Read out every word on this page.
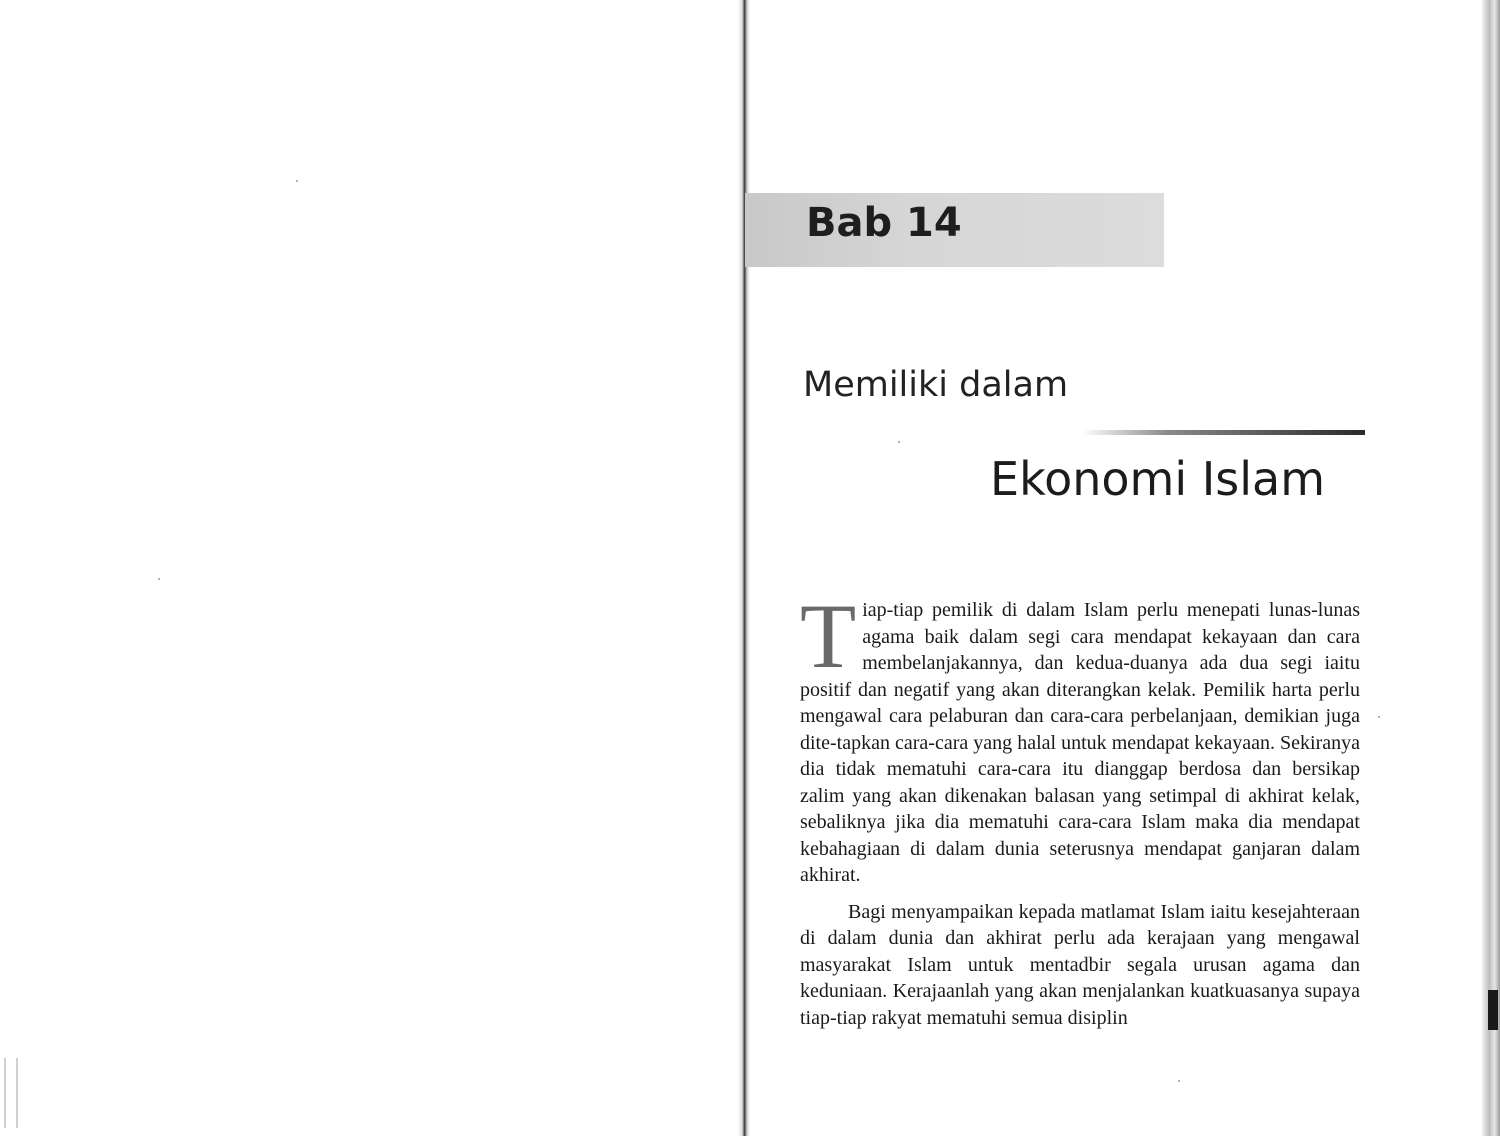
Bab 14
Memiliki dalam
Ekonomi Islam

Tiap-tiap pemilik di dalam Islam perlu menepati lunas-lunas agama baik dalam segi cara mendapat kekayaan dan cara membelanjakannya, dan kedua-duanya ada dua segi iaitu positif dan negatif yang akan diterangkan kelak. Pemilik harta perlu mengawal cara pelaburan dan cara-cara perbelanjaan, demikian juga dite-tapkan cara-cara yang halal untuk mendapat kekayaan. Sekiranya dia tidak mematuhi cara-cara itu dianggap berdosa dan bersikap zalim yang akan dikenakan balasan yang setimpal di akhirat kelak, sebaliknya jika dia mematuhi cara-cara Islam maka dia mendapat kebahagiaan di dalam dunia seterusnya mendapat ganjaran dalam akhirat.

Bagi menyampaikan kepada matlamat Islam iaitu kesejahteraan di dalam dunia dan akhirat perlu ada kerajaan yang mengawal masyarakat Islam untuk mentadbir segala urusan agama dan keduniaan. Kerajaanlah yang akan menjalankan kuatkuasanya supaya tiap-tiap rakyat mematuhi semua disiplin
